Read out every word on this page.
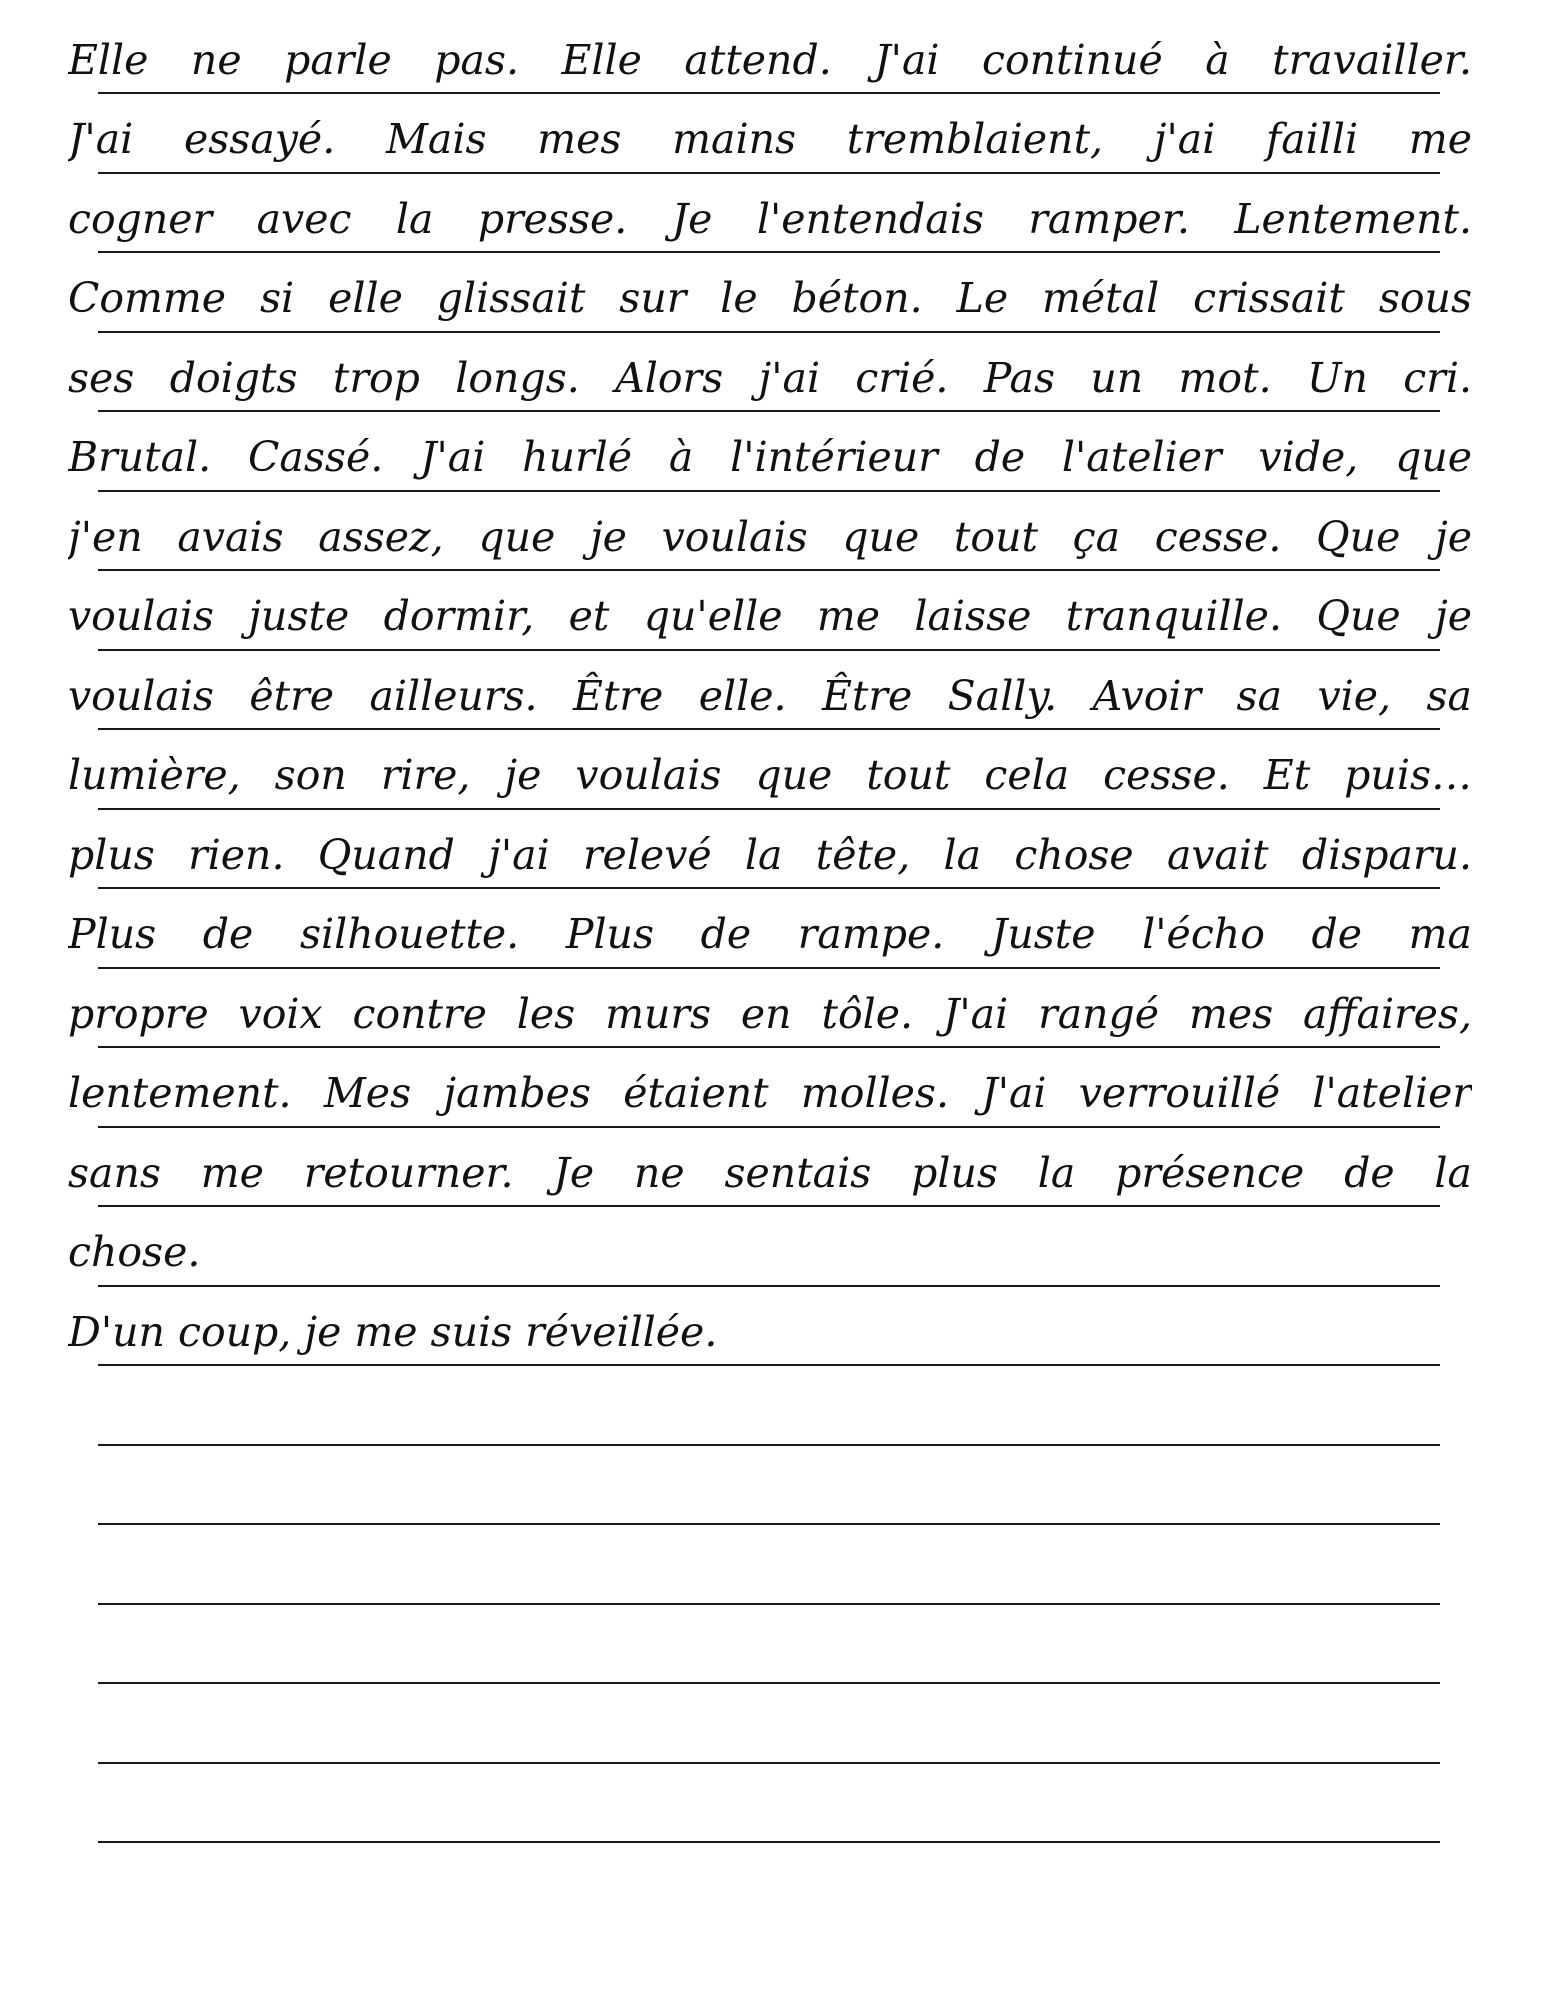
Elle ne parle pas. Elle attend. J'ai continué à travailler.
J'ai essayé. Mais mes mains tremblaient, j'ai failli me
cogner avec la presse. Je l'entendais ramper. Lentement.
Comme si elle glissait sur le béton. Le métal crissait sous
ses doigts trop longs. Alors j'ai crié. Pas un mot. Un cri.
Brutal. Cassé. J'ai hurlé à l'intérieur de l'atelier vide, que
j'en avais assez, que je voulais que tout ça cesse. Que je
voulais juste dormir, et qu'elle me laisse tranquille. Que je
voulais être ailleurs. Être elle. Être Sally. Avoir sa vie, sa
lumière, son rire, je voulais que tout cela cesse. Et puis…
plus rien. Quand j'ai relevé la tête, la chose avait disparu.
Plus de silhouette. Plus de rampe. Juste l'écho de ma
propre voix contre les murs en tôle. J'ai rangé mes affaires,
lentement. Mes jambes étaient molles. J'ai verrouillé l'atelier
sans me retourner. Je ne sentais plus la présence de la
chose.
D'un coup, je me suis réveillée.
